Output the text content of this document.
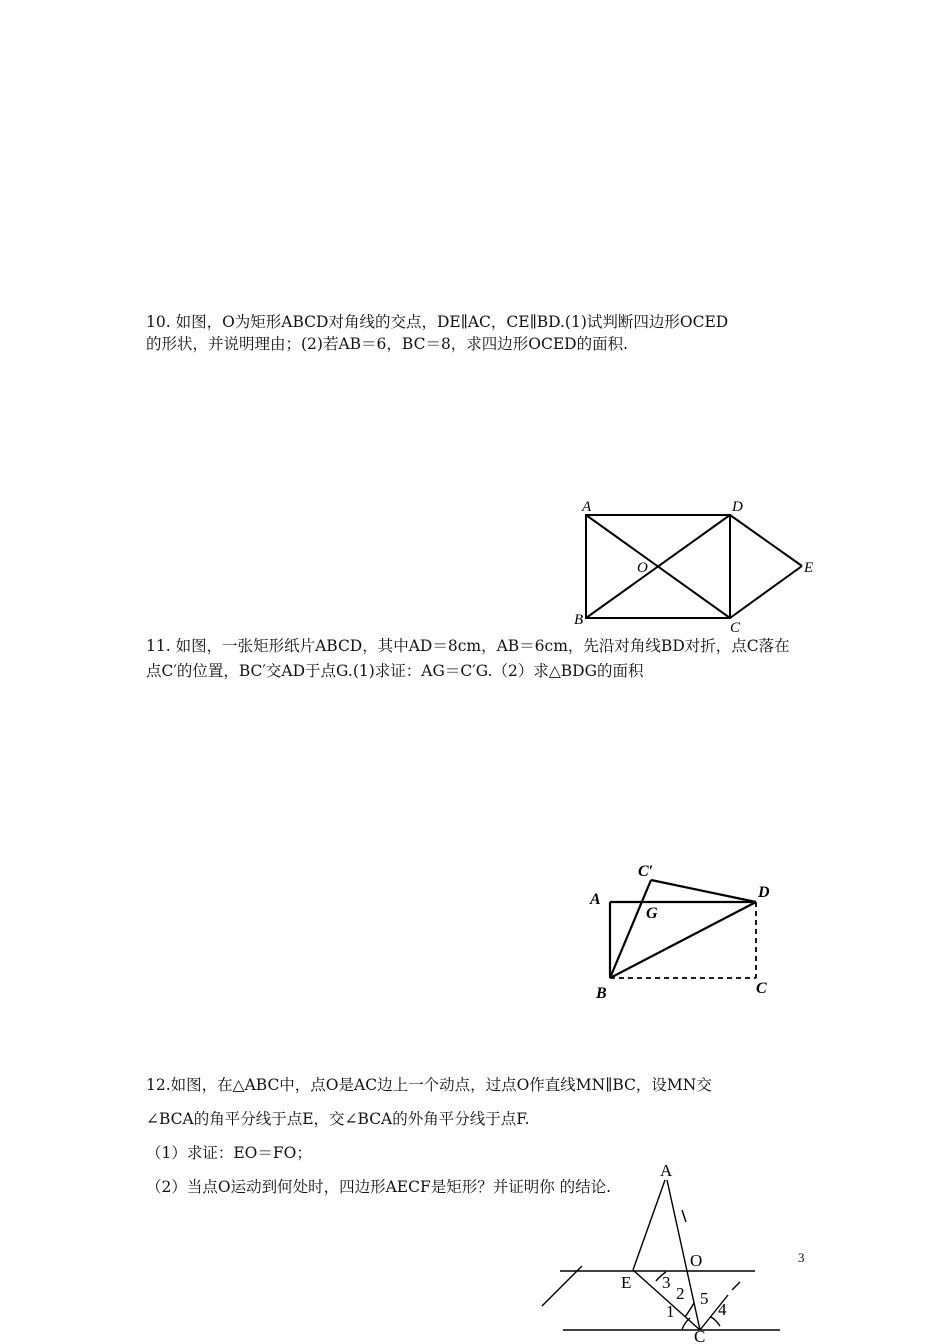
10. 如图，O为矩形ABCD对角线的交点，DE∥AC，CE∥BD.(1)试判断四边形OCED
的形状，并说明理由；(2)若AB＝6，BC＝8，求四边形OCED的面积.
A	D
E
O
B	C
11. 如图，一张矩形纸片ABCD，其中AD＝8cm，AB＝6cm，先沿对角线BD对折，点C落在
点C′的位置，BC′交AD于点G.(1)求证：AG＝C′G.（2）求△BDG的面积
A
C′
D
G
B	C
12.如图，在△ABC中，点O是AC边上一个动点，过点O作直线MN∥BC，设MN交
∠BCA的角平分线于点E，交∠BCA的外角平分线于点F.
（1）求证：EO＝FO；
（2）当点O运动到何处时，四边形AECF是矩形？并证明你 的结论.
A
O
E 3
2 5
1	4
C
3
